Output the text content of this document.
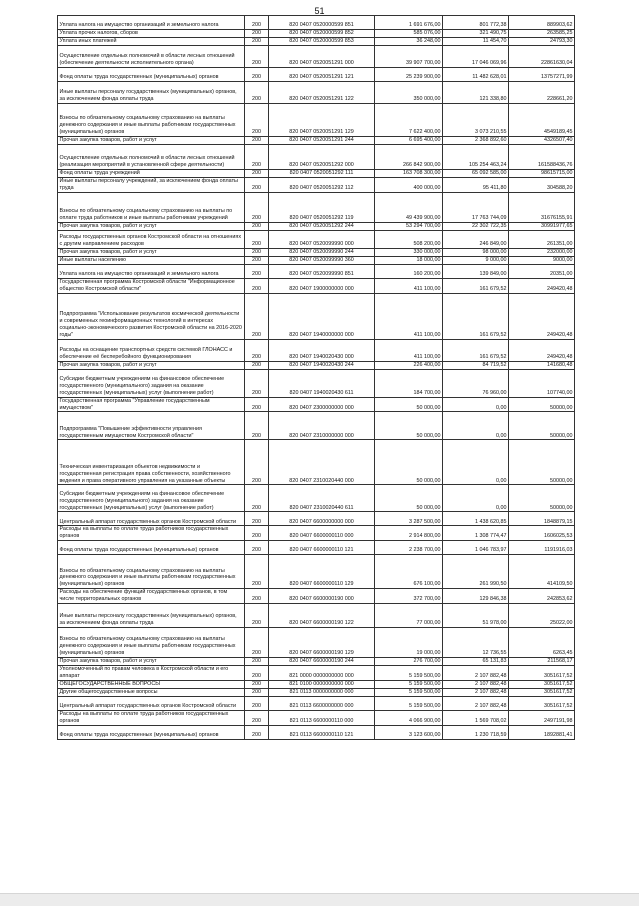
51
Уплата налога на имущество организаций и земельного налога	200	820 0407 0520000599 851	1 691 676,00	801 772,38	889903,62
Уплата прочих налогов, сборов	200	820 0407 0520000599 852	585 076,00	321 490,75	263585,25
Уплата иных платежей	200	820 0407 0520000599 853	36 248,00	11 454,70	24793,30
Осуществление отдельных полномочий в области лесных отношений (обеспечение деятельности исполнительного органа)	200	820 0407 0520051291 000	39 907 700,00	17 046 069,96	22861630,04
Фонд оплаты труда государственных (муниципальных) органов	200	820 0407 0520051291 121	25 239 900,00	11 482 628,01	13757271,99
Иные выплаты персоналу государственных (муниципальных) органов, за исключением фонда оплаты труда	200	820 0407 0520051291 122	350 000,00	121 338,80	228661,20
Взносы по обязательному социальному страхованию на выплаты денежного содержания и иные выплаты работникам государственных (муниципальных) органов	200	820 0407 0520051291 129	7 622 400,00	3 073 210,55	4549189,45
Прочая закупка товаров, работ и услуг	200	820 0407 0520051291 244	6 695 400,00	2 368 892,60	4326507,40
Осуществление отдельных полномочий в области лесных отношений (реализация мероприятий в установленной сфере деятельности)	200	820 0407 0520051292 000	266 842 900,00	105 254 463,24	161588436,76
Фонд оплаты труда учреждений	200	820 0407 0520051292 111	163 708 300,00	65 092 585,00	98615715,00
Иные выплаты персоналу учреждений, за исключением фонда оплаты труда	200	820 0407 0520051292 112	400 000,00	95 411,80	304588,20
Взносы по обязательному социальному страхованию на выплаты по оплате труда работников и иные выплаты работникам учреждений	200	820 0407 0520051292 119	49 439 900,00	17 763 744,09	31676155,91
Прочая закупка товаров, работ и услуг	200	820 0407 0520051292 244	53 294 700,00	22 302 722,35	30991977,65
Расходы государственных органов Костромской области на отношениях с другим направлением расходов	200	820 0407 0520099990 000	508 200,00	246 849,00	261351,00
Прочая закупка товаров, работ и услуг	200	820 0407 0520099990 244	330 000,00	98 000,00	232000,00
Иные выплаты населению	200	820 0407 0520099990 360	18 000,00	9 000,00	9000,00
Уплата налога на имущество организаций и земельного налога	200	820 0407 0520099990 851	160 200,00	139 849,00	20351,00
Государственная программа Костромской области "Информационное общество Костромской области"	200	820 0407 1900000000 000	411 100,00	161 679,52	249420,48
Подпрограмма "Использование результатов космической деятельности и современных геоинформационных технологий в интересах социально-экономического развития Костромской области на 2016-2020 годы"	200	820 0407 1940000000 000	411 100,00	161 679,52	249420,48
Расходы на оснащение транспортных средств системой ГЛОНАСС и обеспечение её бесперебойного функционирования	200	820 0407 1940020430 000	411 100,00	161 679,52	249420,48
Прочая закупка товаров, работ и услуг	200	820 0407 1940020430 244	226 400,00	84 719,52	141680,48
Субсидии бюджетным учреждениям на финансовое обеспечение государственного (муниципального) задания на оказание государственных (муниципальных) услуг (выполнение работ)	200	820 0407 1940020430 611	184 700,00	76 960,00	107740,00
Государственная программа "Управление государственным имуществом"	200	820 0407 2300000000 000	50 000,00	0,00	50000,00
Подпрограмма "Повышение эффективности управления государственным имуществом Костромской области"	200	820 0407 2310000000 000	50 000,00	0,00	50000,00
Техническая инвентаризация объектов недвижимости и государственная регистрация права собственности, хозяйственного ведения и права оперативного управления на указанные объекты	200	820 0407 2310020440 000	50 000,00	0,00	50000,00
Субсидии бюджетным учреждениям на финансовое обеспечение государственного (муниципального) задания на оказание государственных (муниципальных) услуг (выполнение работ)	200	820 0407 2310020440 611	50 000,00	0,00	50000,00
Центральный аппарат государственных органов Костромской области	200	820 0407 6600000000 000	3 287 500,00	1 438 620,85	1848879,15
Расходы на выплаты по оплате труда работников государственных органов	200	820 0407 6600000110 000	2 914 800,00	1 308 774,47	1606025,53
Фонд оплаты труда государственных (муниципальных) органов	200	820 0407 6600000110 121	2 238 700,00	1 046 783,97	1191916,03
Взносы по обязательному социальному страхованию на выплаты денежного содержания и иные выплаты работникам государственных (муниципальных) органов	200	820 0407 6600000110 129	676 100,00	261 990,50	414109,50
Расходы на обеспечение функций государственных органов, в том числе территориальных органов	200	820 0407 6600000190 000	372 700,00	129 846,38	242853,62
Иные выплаты персоналу государственных (муниципальных) органов, за исключением фонда оплаты труда	200	820 0407 6600000190 122	77 000,00	51 978,00	25022,00
Взносы по обязательному социальному страхованию на выплаты денежного содержания и иные выплаты работникам государственных (муниципальных) органов	200	820 0407 6600000190 129	19 000,00	12 736,55	6263,45
Прочая закупка товаров, работ и услуг	200	820 0407 6600000190 244	276 700,00	65 131,83	211568,17
Уполномоченный по правам человека в Костромской области и его аппарат	200	821 0000 0000000000 000	5 159 500,00	2 107 882,48	3051617,52
ОБЩЕГОСУДАРСТВЕННЫЕ ВОПРОСЫ	200	821 0100 0000000000 000	5 159 500,00	2 107 882,48	3051617,52
Другие общегосударственные вопросы	200	821 0113 0000000000 000	5 159 500,00	2 107 882,48	3051617,52
Центральный аппарат государственных органов Костромской области	200	821 0113 6600000000 000	5 159 500,00	2 107 882,48	3051617,52
Расходы на выплаты по оплате труда работников государственных органов	200	821 0113 6600000110 000	4 066 900,00	1 569 708,02	2497191,98
Фонд оплаты труда государственных (муниципальных) органов	200	821 0113 6600000110 121	3 123 600,00	1 230 718,59	1892881,41
